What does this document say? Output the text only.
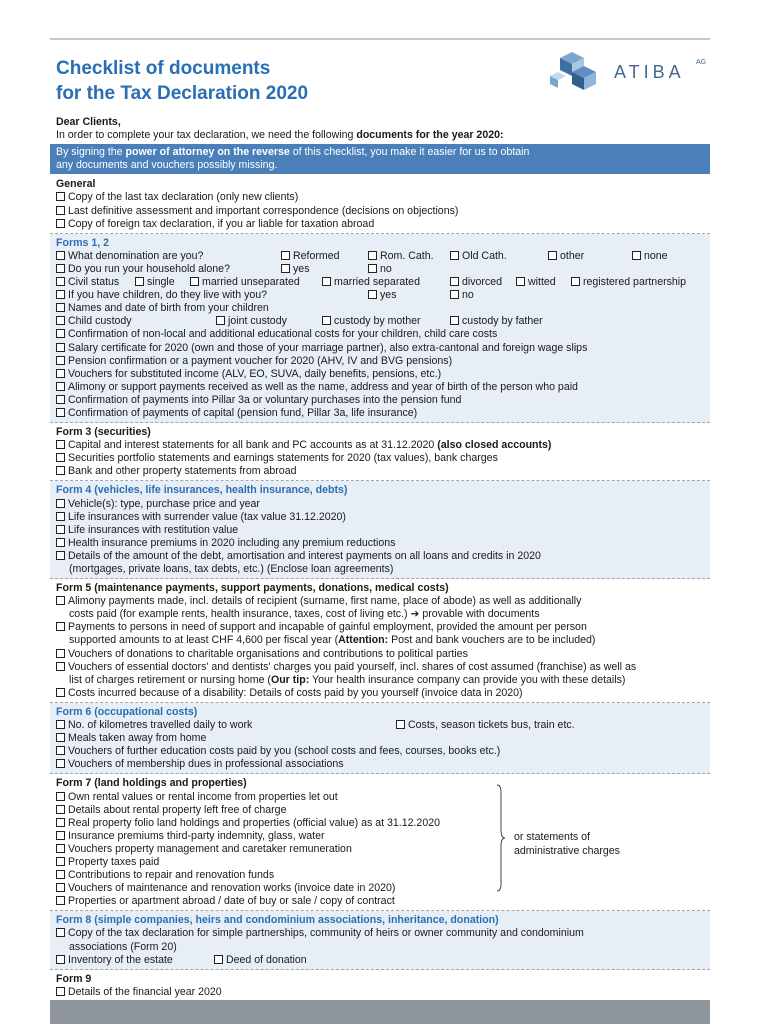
Checklist of documents
for the Tax Declaration 2020
ATIBA AG
Dear Clients,
In order to complete your tax declaration, we need the following documents for the year 2020:
By signing the power of attorney on the reverse of this checklist, you make it easier for us to obtain
any documents and vouchers possibly missing.
General
Copy of the last tax declaration (only new clients)
Last definitive assessment and important correspondence (decisions on objections)
Copy of foreign tax declaration, if you ar liable for taxation abroad
Forms 1, 2
What denomination are you?	Reformed	Rom. Cath.	Old Cath.	other	none
Do you run your household alone?	yes	no
Civil status	single	married unseparated	married separated	divorced	witted	registered partnership
If you have children, do they live with you?	yes	no
Names and date of birth from your children
Child custody	joint custody	custody by mother	custody by father
Confirmation of non-local and additional educational costs for your children, child care costs
Salary certificate for 2020 (own and those of your marriage partner), also extra-cantonal and foreign wage slips
Pension confirmation or a payment voucher for 2020 (AHV, IV and BVG pensions)
Vouchers for substituted income (ALV, EO, SUVA, daily benefits, pensions, etc.)
Alimony or support payments received as well as the name, address and year of birth of the person who paid
Confirmation of payments into Pillar 3a or voluntary purchases into the pension fund
Confirmation of payments of capital (pension fund, Pillar 3a, life insurance)
Form 3 (securities)
Capital and interest statements for all bank and PC accounts as at 31.12.2020 (also closed accounts)
Securities portfolio statements and earnings statements for 2020 (tax values), bank charges
Bank and other property statements from abroad
Form 4 (vehicles, life insurances, health insurance, debts)
Vehicle(s): type, purchase price and year
Life insurances with surrender value (tax value 31.12.2020)
Life insurances with restitution value
Health insurance premiums in 2020 including any premium reductions
Details of the amount of the debt, amortisation and interest payments on all loans and credits in 2020
(mortgages, private loans, tax debts, etc.) (Enclose loan agreements)
Form 5 (maintenance payments, support payments, donations, medical costs)
Alimony payments made, incl. details of recipient (surname, first name, place of abode) as well as additionally
costs paid (for example rents, health insurance, taxes, cost of living etc.) ➔ provable with documents
Payments to persons in need of support and incapable of gainful employment, provided the amount per person
supported amounts to at least CHF 4,600 per fiscal year (Attention: Post and bank vouchers are to be included)
Vouchers of donations to charitable organisations and contributions to political parties
Vouchers of essential doctors' and dentists' charges you paid yourself, incl. shares of cost assumed (franchise) as well as
list of charges retirement or nursing home (Our tip: Your health insurance company can provide you with these details)
Costs incurred because of a disability: Details of costs paid by you yourself (invoice data in 2020)
Form 6 (occupational costs)
No. of kilometres travelled daily to work	Costs, season tickets bus, train etc.
Meals taken away from home
Vouchers of further education costs paid by you (school costs and fees, courses, books etc.)
Vouchers of membership dues in professional associations
Form 7 (land holdings and properties)
Own rental values or rental income from properties let out
Details about rental property left free of charge
Real property folio land holdings and properties (official value) as at 31.12.2020
Insurance premiums third-party indemnity, glass, water
Vouchers property management and caretaker remuneration
Property taxes paid
Contributions to repair and renovation funds
Vouchers of maintenance and renovation works (invoice date in 2020)
Properties or apartment abroad / date of buy or sale / copy of contract
or statements of
administrative charges
Form 8 (simple companies, heirs and condominium associations, inheritance, donation)
Copy of the tax declaration for simple partnerships, community of heirs or owner community and condominium
associations (Form 20)
Inventory of the estate	Deed of donation
Form 9
Details of the financial year 2020
